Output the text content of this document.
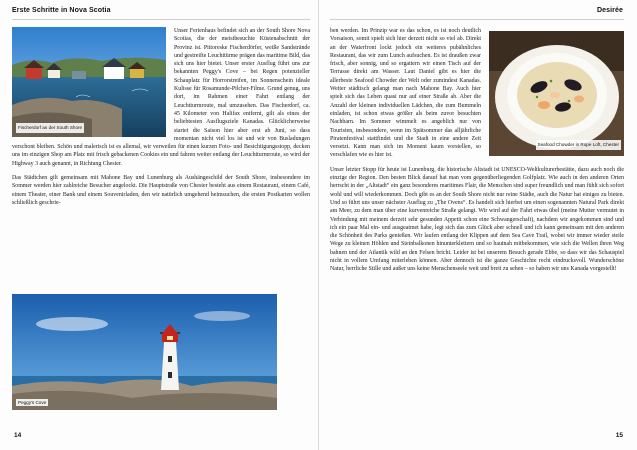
Erste Schritte in Nova Scotia
Fischerdorf an der South Shore

Unser Ferienhaus befindet sich an der South Shore Nova Scotias, die der meistbesuchte Küstenabschnitt der Provinz ist. Pittoreske Fischerdörfer, weiße Sandstrände und gestreifte Leuchttürme prägen das maritime Bild, das sich uns hier bietet. Unser erster Ausflug führt uns zur bekannten Peggy's Cove – bei Regen potenzieller Schauplatz für Horrorstreifen, im Sonnenschein ideale Kulisse für Rosamunde-Pilcher-Filme. Grund genug, uns dort, im Rahmen einer Fahrt entlang der Leuchtturmroute, mal umzusehen. Das Fischerdorf, ca. 45 Kilometer von Halifax entfernt, gilt als eines der beliebtesten Ausflugsziele Kanadas. Glücklicherweise startet die Saison hier aber erst ab Juni, so dass momentan nicht viel los ist und wir von Busladungen verschont bleiben. Schön und malerisch ist es allemal, wir verweilen für einen kurzen Foto- und Besichtigungsstopp, decken uns im einzigen Shop am Platz mit frisch gebackenen Cookies ein und fahren weiter entlang der Leuchtturmroute, so wird der Highway 3 auch genannt, in Richtung Chester.

Das Städtchen gilt gemeinsam mit Mahone Bay und Lunenburg als Aushängeschild der South Shore, insbesondere im Sommer werden hier zahlreiche Besucher angelockt. Die Hauptstraße von Chester besteht aus einem Restaurant, einem Café, einem Theater, einer Bank und einem Souvenirladen, den wir natürlich umgehend heimsuchen, die ersten Postkarten wollen schließlich geschrie-

Peggy's Cove
14
Desirée
Seafood Chowder in Rope Loft, Chester

ben werden. Im Prinzip war es das schon, es ist noch deutlich Vorsaison, somit spielt sich hier derzeit nicht so viel ab. Direkt an der Waterfront lockt jedoch ein weiteres pubähnliches Restaurant, das wir zum Lunch aufsuchen. Es ist draußen zwar frisch, aber sonnig, und so ergattern wir einen Tisch auf der Terrasse direkt am Wasser. Laut Daniel gibt es hier die allerbeste Seafood Chowder der Welt oder zumindest Kanadas. Weiter städtisch gelangt man nach Mahone Bay. Auch hier spielt sich das Leben quasi nur auf einer Straße ab. Aber die Anzahl der kleinen individuellen Lädchen, die zum Bummeln einladen, ist schon etwas größer als beim zuvor besuchten Nachbarn. Im Sommer wimmelt es angeblich nur von Touristen, insbesondere, wenn im Spätsommer das alljährliche Piratenfestival stattfindet und die Stadt in eine andere Zeit versetzt. Kann man sich im Moment kaum vorstellen, so verschlafen wie es hier ist.

Unser letzter Stopp für heute ist Lunenburg, die historische Altstadt ist UNESCO-Weltkulturerbestätte, dazu auch noch die einzige der Region. Den besten Blick darauf hat man vom gegenüberliegenden Golfplatz. Wie auch in den anderen Orten herrscht in der „Altstadt“ ein ganz besonderes maritimes Flair, die Menschen sind super freundlich und man fühlt sich sofort wohl und will wiederkommen. Doch gibt es an der South Shore nicht nur reine Städte, auch die Natur hat einiges zu bieten. Und so führt uns unser nächster Ausflug zu „The Ovens“. Es handelt sich hierbei um einen sogenannten Natural Park direkt am Meer, zu dem man über eine kurvenreiche Straße gelangt. Wir wird auf der Fahrt etwas übel (meine Mutter vermutet in Verbindung mit meinem derzeit sehr gesunden Appetit schon eine Schwangerschaft), nachdem wir angekommen sind und ich ein paar Mal ein- und ausgeatmet habe, legt sich das zum Glück aber schnell und ich kann gemeinsam mit den anderen die Schönheit des Parks genießen. Wir laufen entlang der Klippen auf dem Sea Cave Trail, wobei wir immer wieder steile Wege zu kleinen Höhlen und Steinbalkonen hinunterklettern und so hautnah mitbekommen, wie sich die Wellen ihren Weg bahnen und der Atlantik wild an den Felsen bricht. Leider ist bei unserem Besuch gerade Ebbe, so dass wir das Schauspiel nicht in vollem Umfang miterleben können. Aber dennoch ist die ganze Geschichte recht eindrucksvoll. Wunderschöne Natur, herrliche Stille und außer uns keine Menschenseele weit und breit zu sehen – so haben wir uns Kanada vorgestellt!

15
